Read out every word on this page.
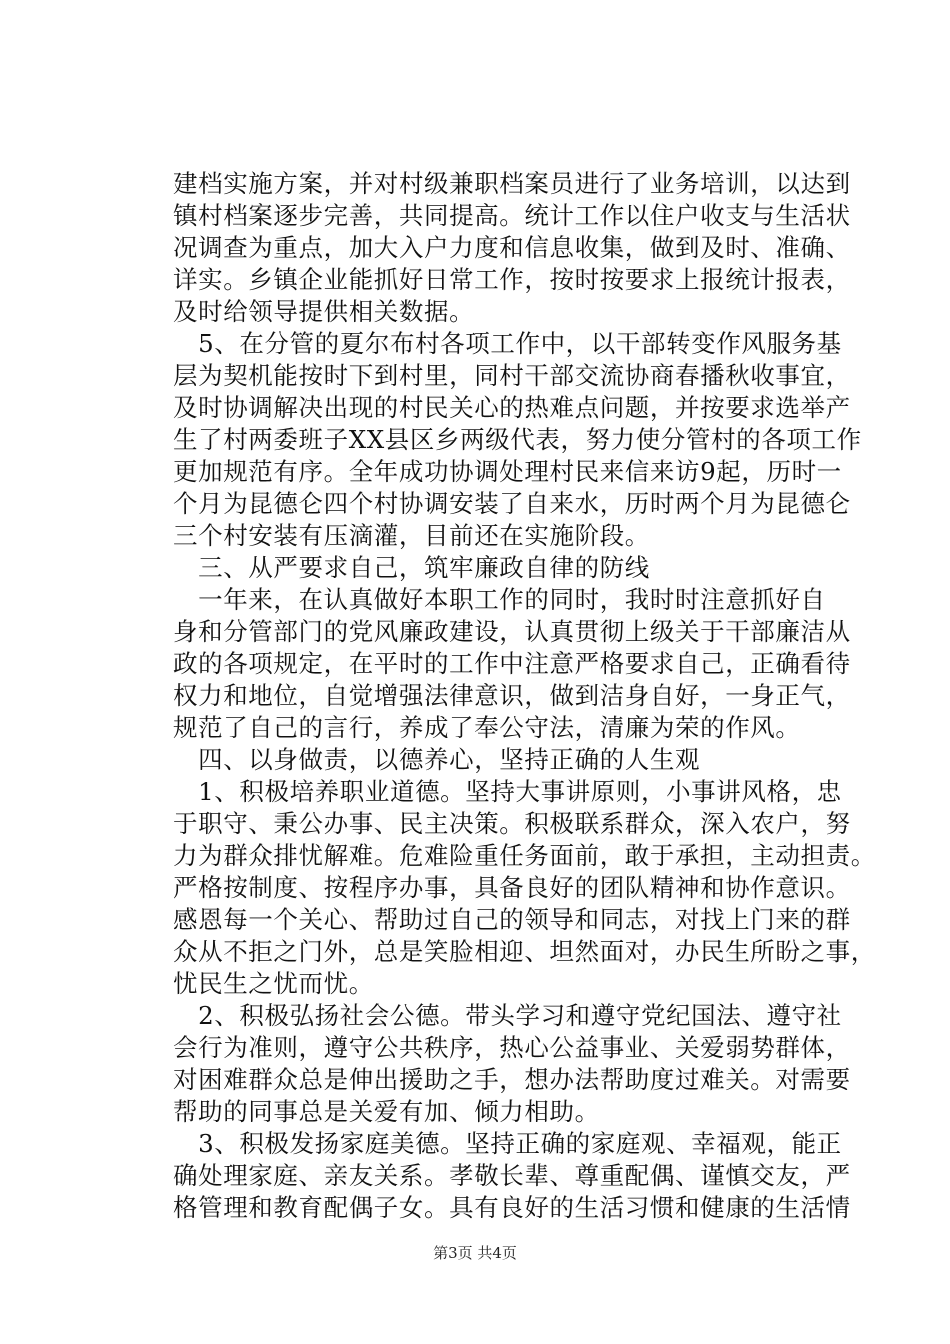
建档实施方案，并对村级兼职档案员进行了业务培训，以达到
镇村档案逐步完善，共同提高。统计工作以住户收支与生活状
况调查为重点，加大入户力度和信息收集，做到及时、准确、
详实。乡镇企业能抓好日常工作，按时按要求上报统计报表，
及时给领导提供相关数据。
　5、在分管的夏尔布村各项工作中，以干部转变作风服务基
层为契机能按时下到村里，同村干部交流协商春播秋收事宜，
及时协调解决出现的村民关心的热难点问题，并按要求选举产
生了村两委班子XX县区乡两级代表，努力使分管村的各项工作
更加规范有序。全年成功协调处理村民来信来访9起，历时一
个月为昆德仑四个村协调安装了自来水，历时两个月为昆德仑
三个村安装有压滴灌，目前还在实施阶段。
　三、从严要求自己，筑牢廉政自律的防线
　一年来，在认真做好本职工作的同时，我时时注意抓好自
身和分管部门的党风廉政建设，认真贯彻上级关于干部廉洁从
政的各项规定，在平时的工作中注意严格要求自己，正确看待
权力和地位，自觉增强法律意识，做到洁身自好，一身正气，
规范了自己的言行，养成了奉公守法，清廉为荣的作风。
　四、以身做责，以德养心，坚持正确的人生观
　1、积极培养职业道德。坚持大事讲原则，小事讲风格，忠
于职守、秉公办事、民主决策。积极联系群众，深入农户，努
力为群众排忧解难。危难险重任务面前，敢于承担，主动担责。
严格按制度、按程序办事，具备良好的团队精神和协作意识。
感恩每一个关心、帮助过自己的领导和同志，对找上门来的群
众从不拒之门外，总是笑脸相迎、坦然面对，办民生所盼之事，
忧民生之忧而忧。
　2、积极弘扬社会公德。带头学习和遵守党纪国法、遵守社
会行为准则，遵守公共秩序，热心公益事业、关爱弱势群体，
对困难群众总是伸出援助之手，想办法帮助度过难关。对需要
帮助的同事总是关爱有加、倾力相助。
　3、积极发扬家庭美德。坚持正确的家庭观、幸福观，能正
确处理家庭、亲友关系。孝敬长辈、尊重配偶、谨慎交友，严
格管理和教育配偶子女。具有良好的生活习惯和健康的生活情
第3页 共4页
